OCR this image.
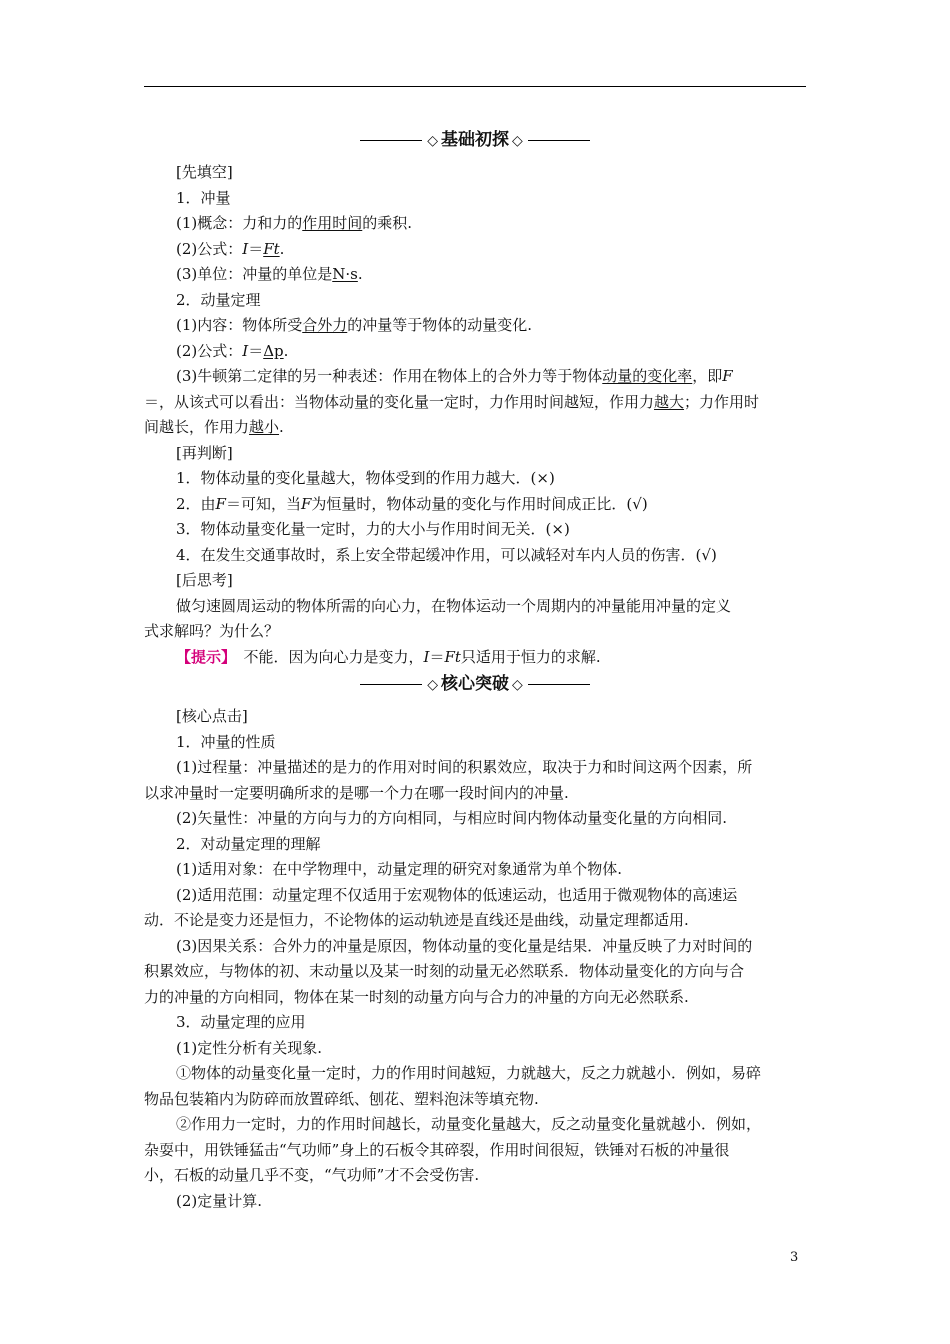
◇ 基础初探 ◇
[先填空]
1．冲量
(1)概念：力和力的作用时间的乘积.
(2)公式：I＝Ft.
(3)单位：冲量的单位是N·s.
2．动量定理
(1)内容：物体所受合外力的冲量等于物体的动量变化.
(2)公式：I＝Δp.
(3)牛顿第二定律的另一种表述：作用在物体上的合外力等于物体动量的变化率，即F
＝，从该式可以看出：当物体动量的变化量一定时，力作用时间越短，作用力越大；力作用时
间越长，作用力越小.
[再判断]
1．物体动量的变化量越大，物体受到的作用力越大．(×)
2．由F＝可知，当F为恒量时，物体动量的变化与作用时间成正比．(√)
3．物体动量变化量一定时，力的大小与作用时间无关．(×)
4．在发生交通事故时，系上安全带起缓冲作用，可以减轻对车内人员的伤害．(√)
[后思考]
做匀速圆周运动的物体所需的向心力，在物体运动一个周期内的冲量能用冲量的定义
式求解吗？为什么？
【提示】　不能．因为向心力是变力，I＝Ft只适用于恒力的求解.
◇ 核心突破 ◇
[核心点击]
1．冲量的性质
(1)过程量：冲量描述的是力的作用对时间的积累效应，取决于力和时间这两个因素，所
以求冲量时一定要明确所求的是哪一个力在哪一段时间内的冲量.
(2)矢量性：冲量的方向与力的方向相同，与相应时间内物体动量变化量的方向相同.
2．对动量定理的理解
(1)适用对象：在中学物理中，动量定理的研究对象通常为单个物体.
(2)适用范围：动量定理不仅适用于宏观物体的低速运动，也适用于微观物体的高速运
动．不论是变力还是恒力，不论物体的运动轨迹是直线还是曲线，动量定理都适用.
(3)因果关系：合外力的冲量是原因，物体动量的变化量是结果．冲量反映了力对时间的
积累效应，与物体的初、末动量以及某一时刻的动量无必然联系．物体动量变化的方向与合
力的冲量的方向相同，物体在某一时刻的动量方向与合力的冲量的方向无必然联系.
3．动量定理的应用
(1)定性分析有关现象.
①物体的动量变化量一定时，力的作用时间越短，力就越大，反之力就越小．例如，易碎
物品包装箱内为防碎而放置碎纸、刨花、塑料泡沫等填充物.
②作用力一定时，力的作用时间越长，动量变化量越大，反之动量变化量就越小．例如，
杂耍中，用铁锤猛击“气功师”身上的石板令其碎裂，作用时间很短，铁锤对石板的冲量很
小，石板的动量几乎不变，“气功师”才不会受伤害.
(2)定量计算.
3
